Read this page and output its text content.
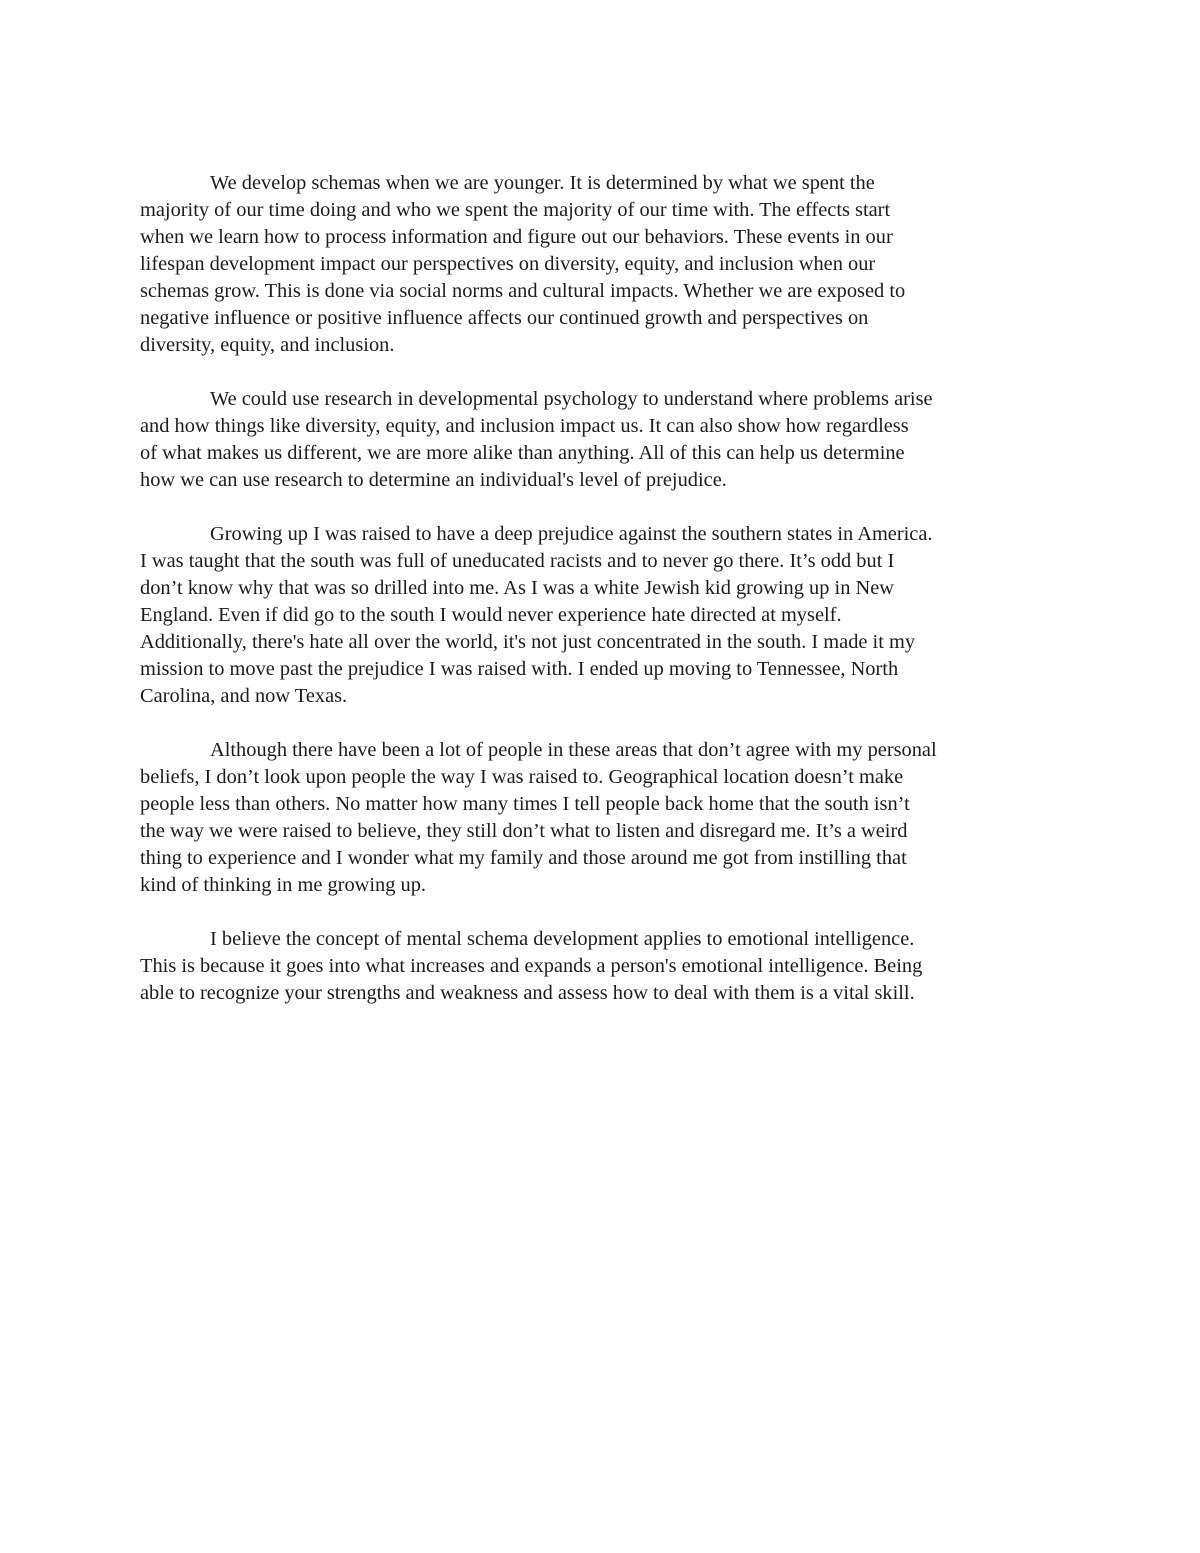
We develop schemas when we are younger. It is determined by what we spent the
majority of our time doing and who we spent the majority of our time with. The effects start
when we learn how to process information and figure out our behaviors. These events in our
lifespan development impact our perspectives on diversity, equity, and inclusion when our
schemas grow. This is done via social norms and cultural impacts. Whether we are exposed to
negative influence or positive influence affects our continued growth and perspectives on
diversity, equity, and inclusion.

We could use research in developmental psychology to understand where problems arise
and how things like diversity, equity, and inclusion impact us. It can also show how regardless
of what makes us different, we are more alike than anything. All of this can help us determine
how we can use research to determine an individual's level of prejudice.

Growing up I was raised to have a deep prejudice against the southern states in America.
I was taught that the south was full of uneducated racists and to never go there. It’s odd but I
don’t know why that was so drilled into me. As I was a white Jewish kid growing up in New
England. Even if did go to the south I would never experience hate directed at myself.
Additionally, there's hate all over the world, it's not just concentrated in the south. I made it my
mission to move past the prejudice I was raised with. I ended up moving to Tennessee, North
Carolina, and now Texas.

Although there have been a lot of people in these areas that don’t agree with my personal
beliefs, I don’t look upon people the way I was raised to. Geographical location doesn’t make
people less than others. No matter how many times I tell people back home that the south isn’t
the way we were raised to believe, they still don’t what to listen and disregard me. It’s a weird
thing to experience and I wonder what my family and those around me got from instilling that
kind of thinking in me growing up.

I believe the concept of mental schema development applies to emotional intelligence.
This is because it goes into what increases and expands a person's emotional intelligence. Being
able to recognize your strengths and weakness and assess how to deal with them is a vital skill.
